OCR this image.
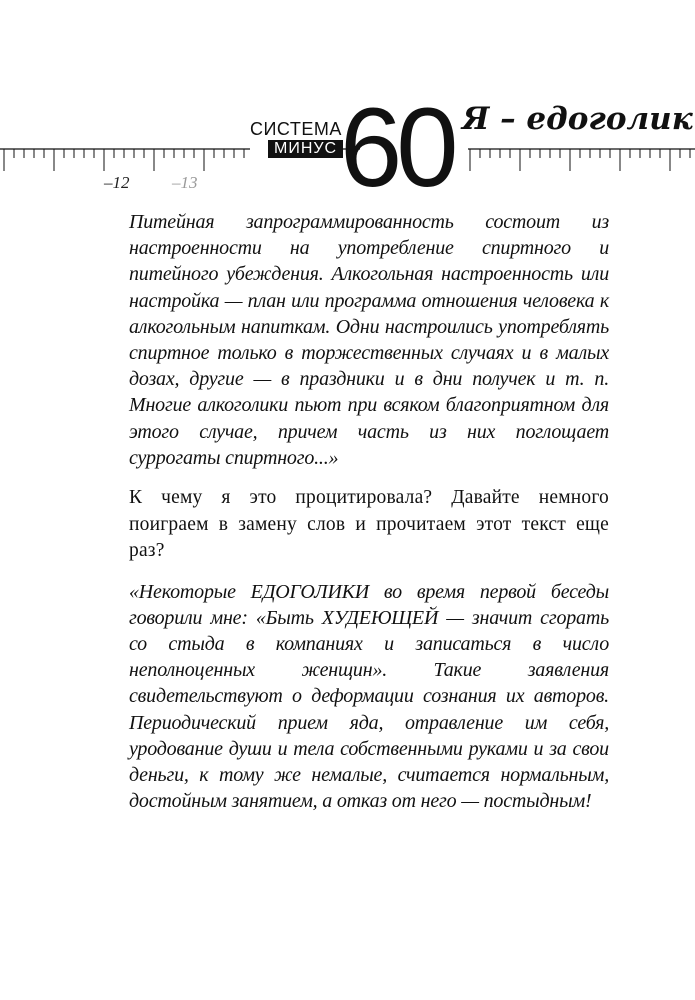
СИСТЕМА
МИНУС 60 Я – едоголик
–12	–13

Питейная запрограммированность состоит из настроенности на употребление спиртного и питейного убеждения. Алкогольная настроенность или настройка — план или программа отношения человека к алкогольным напиткам. Одни настроились употреблять спиртное только в торжественных случаях и в малых дозах, другие — в праздники и в дни получек и т. п. Многие алкоголики пьют при всяком благоприятном для этого случае, причем часть из них поглощает суррогаты спиртного...»

К чему я это процитировала? Давайте немного поиграем в замену слов и прочитаем этот текст еще раз?

«Некоторые ЕДОГОЛИКИ во время первой беседы говорили мне: «Быть ХУДЕЮЩЕЙ — значит сгорать со стыда в компаниях и записаться в число неполноценных женщин». Такие заявления свидетельствуют о деформации сознания их авторов. Периодический прием яда, отравление им себя, уродование души и тела собственными руками и за свои деньги, к тому же немалые, считается нормальным, достойным занятием, а отказ от него — постыдным!
